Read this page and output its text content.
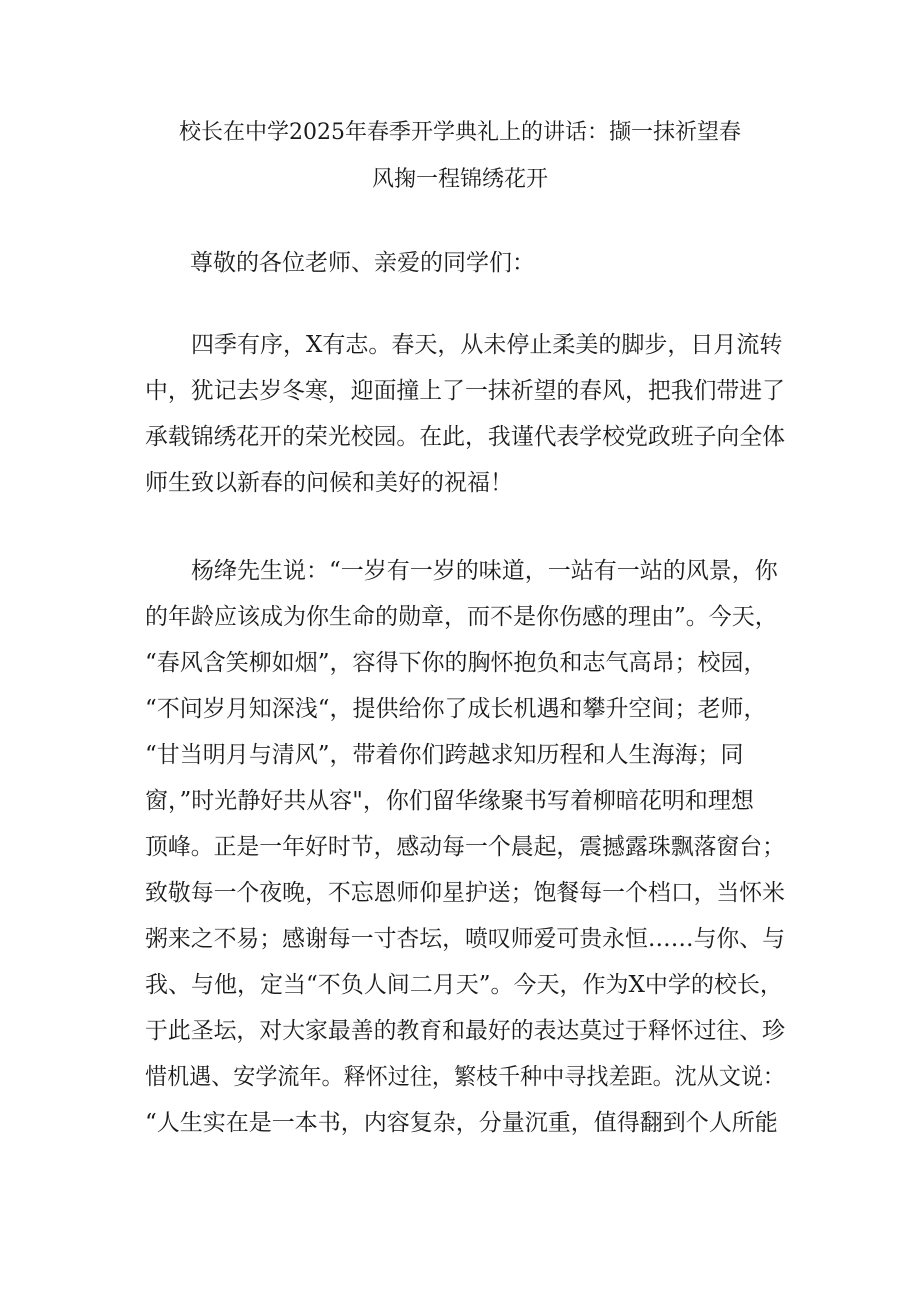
校长在中学2025年春季开学典礼上的讲话：撷一抹祈望春
风掬一程锦绣花开
尊敬的各位老师、亲爱的同学们：
　　四季有序，X有志。春天，从未停止柔美的脚步，日月流转
中，犹记去岁冬寒，迎面撞上了一抹祈望的春风，把我们带进了
承载锦绣花开的荣光校园。在此，我谨代表学校党政班子向全体
师生致以新春的问候和美好的祝福！
　　杨绛先生说：“一岁有一岁的味道，一站有一站的风景，你
的年龄应该成为你生命的勋章，而不是你伤感的理由”。今天，
“春风含笑柳如烟”，容得下你的胸怀抱负和志气高昂；校园，
“不问岁月知深浅“，提供给你了成长机遇和攀升空间；老师，
“甘当明月与清风”，带着你们跨越求知历程和人生海海；同
窗，”时光静好共从容"，你们留华缘聚书写着柳暗花明和理想
顶峰。正是一年好时节，感动每一个晨起，震撼露珠飘落窗台；
致敬每一个夜晚，不忘恩师仰星护送；饱餐每一个档口，当怀米
粥来之不易；感谢每一寸杏坛，喷叹师爱可贵永恒……与你、与
我、与他，定当“不负人间二月天”。今天，作为X中学的校长，
于此圣坛，对大家最善的教育和最好的表达莫过于释怀过往、珍
惜机遇、安学流年。释怀过往，繁枝千种中寻找差距。沈从文说：
“人生实在是一本书，内容复杂，分量沉重，值得翻到个人所能
